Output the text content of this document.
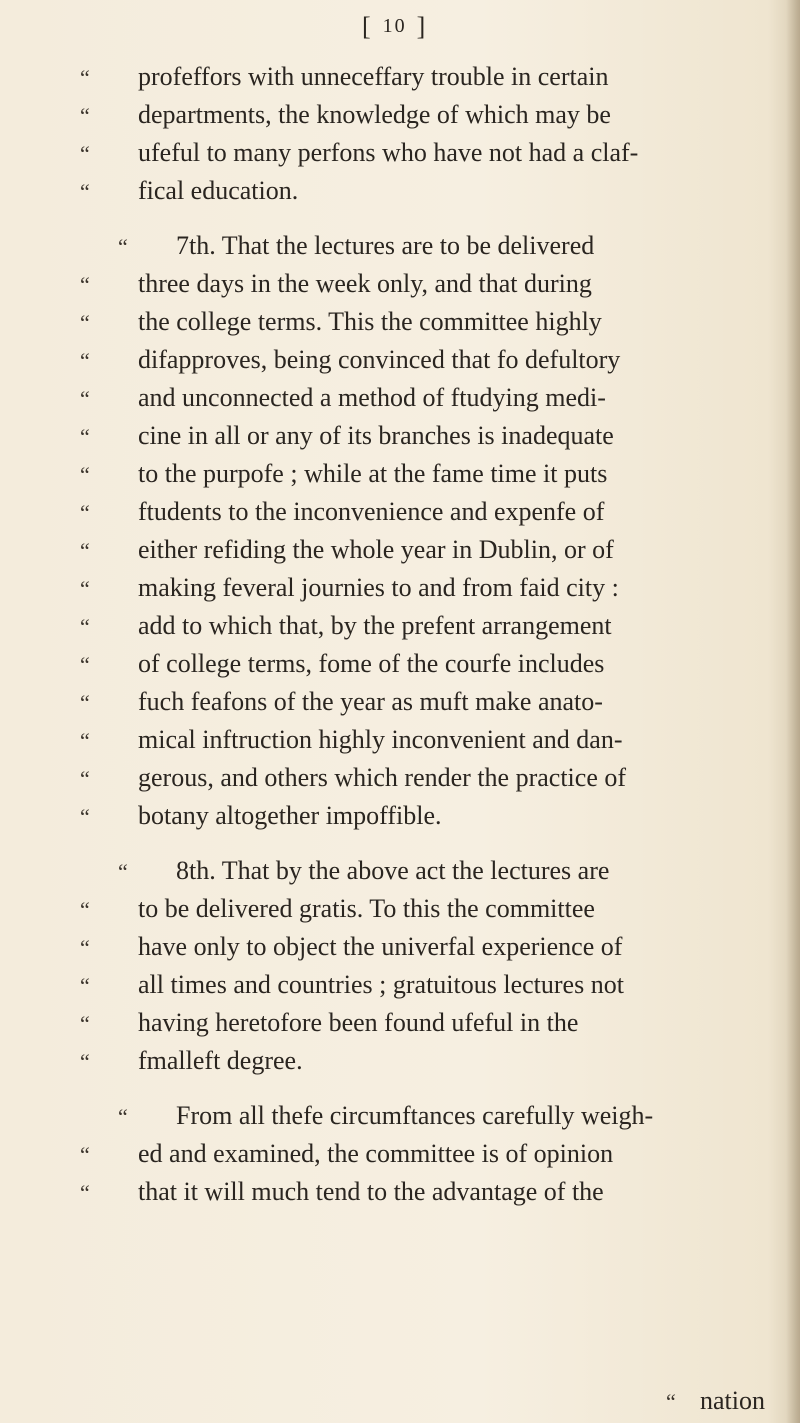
[ 10 ]
“ profeffors with unneceffary trouble in certain
“ departments, the knowledge of which may be
“ ufeful to many perfons who have not had a claf-
“ fical education.
“ 7th. That the lectures are to be delivered
“ three days in the week only, and that during
“ the college terms. This the committee highly
“ difapproves, being convinced that fo defultory
“ and unconnected a method of ftudying medi-
“ cine in all or any of its branches is inadequate
“ to the purpofe ; while at the fame time it puts
“ ftudents to the inconvenience and expenfe of
“ either refiding the whole year in Dublin, or of
“ making feveral journies to and from faid city :
“ add to which that, by the prefent arrangement
“ of college terms, fome of the courfe includes
“ fuch feafons of the year as muft make anato-
“ mical inftruction highly inconvenient and dan-
“ gerous, and others which render the practice of
“ botany altogether impoffible.
“ 8th. That by the above act the lectures are
“ to be delivered gratis. To this the committee
“ have only to object the univerfal experience of
“ all times and countries ; gratuitous lectures not
“ having heretofore been found ufeful in the
“ fmalleft degree.
“ From all thefe circumftances carefully weigh-
“ ed and examined, the committee is of opinion
“ that it will much tend to the advantage of the
“ nation
